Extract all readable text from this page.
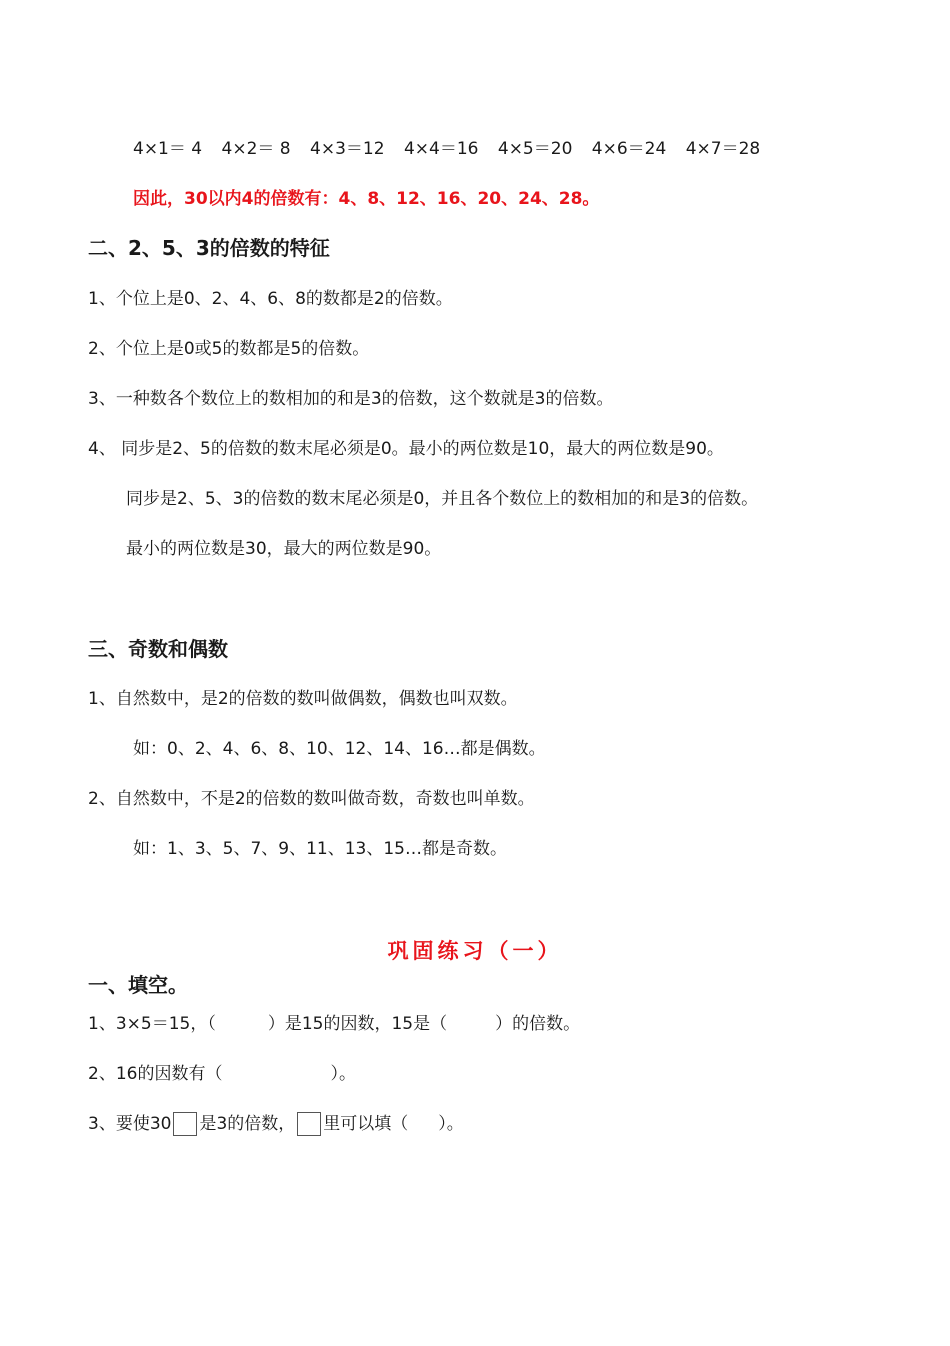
4×1＝ 4 4×2＝ 8 4×3＝12 4×4＝16 4×5＝20 4×6＝24 4×7＝28
因此，30以内4的倍数有：4、8、12、16、20、24、28。
二、2、5、3的倍数的特征
1、个位上是0、2、4、6、8的数都是2的倍数。
2、个位上是0或5的数都是5的倍数。
3、一种数各个数位上的数相加的和是3的倍数，这个数就是3的倍数。
4、 同步是2、5的倍数的数末尾必须是0。最小的两位数是10，最大的两位数是90。
同步是2、5、3的倍数的数末尾必须是0，并且各个数位上的数相加的和是3的倍数。
最小的两位数是30，最大的两位数是90。
三、奇数和偶数
1、自然数中，是2的倍数的数叫做偶数，偶数也叫双数。
如：0、2、4、6、8、10、12、14、16…都是偶数。
2、自然数中，不是2的倍数的数叫做奇数，奇数也叫单数。
如：1、3、5、7、9、11、13、15…都是奇数。
巩固练习（一）
一、填空。
1、3×5＝15，（	）是15的因数，15是（	）的倍数。
2、16的因数有（	）。
3、要使30 是3的倍数， 里可以填（ ）。
